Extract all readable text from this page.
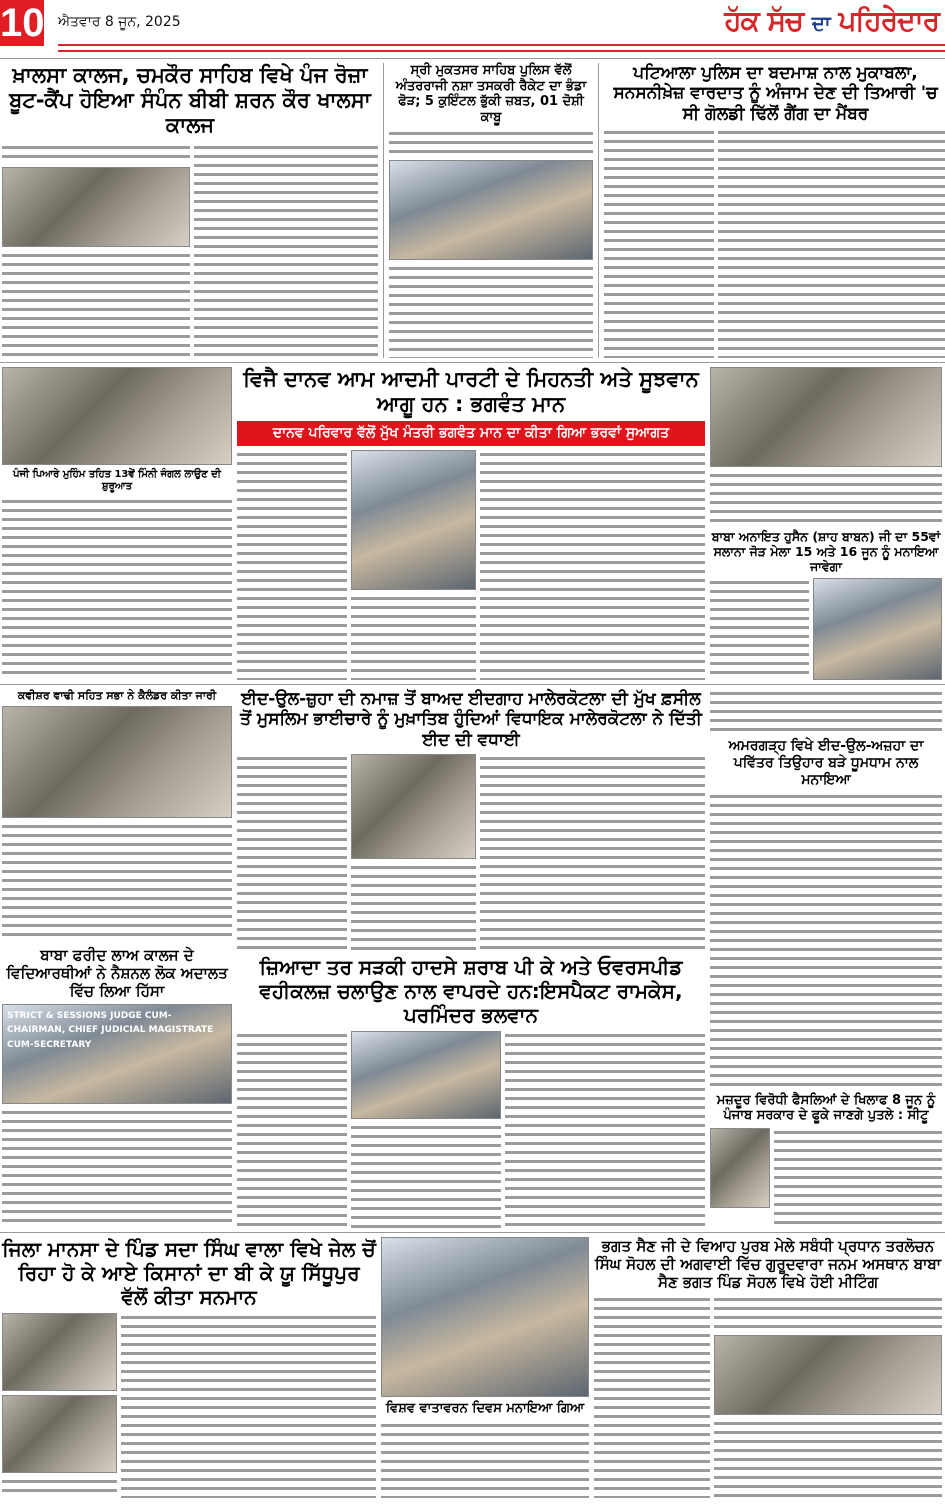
10 ਐਤਵਾਰ 8 ਜੂਨ, 2025	ਹੱਕ ਸੱਚ ਦਾ ਪਹਿਰੇਦਾਰ
ਖ਼ਾਲਸਾ ਕਾਲਜ, ਚਮਕੌਰ ਸਾਹਿਬ ਵਿਖੇ ਪੰਜ ਰੋਜ਼ਾ ਬੂਟ-ਕੈਂਪ ਹੋਇਆ ਸੰਪੰਨ ਬੀਬੀ ਸ਼ਰਨ ਕੌਰ ਖਾਲਸਾ ਕਾਲਜ
ਸ੍ਰੀ ਮੁਕਤਸਰ ਸਾਹਿਬ ਪੁਲਿਸ ਵੱਲੋਂ ਅੰਤਰਰਾਜੀ ਨਸ਼ਾ ਤਸਕਰੀ ਰੈਕੇਟ ਦਾ ਭੰਡਾ ਫੋੜ; 5 ਕੁਇੰਟਲ ਭੁੱਕੀ ਜ਼ਬਤ, 01 ਦੋਸ਼ੀ ਕਾਬੂ
ਪਟਿਆਲਾ ਪੁਲਿਸ ਦਾ ਬਦਮਾਸ਼ ਨਾਲ ਮੁਕਾਬਲਾ, ਸਨਸਨੀਖ਼ੇਜ਼ ਵਾਰਦਾਤ ਨੂੰ ਅੰਜਾਮ ਦੇਣ ਦੀ ਤਿਆਰੀ 'ਚ ਸੀ ਗੋਲਡੀ ਢਿੱਲੋਂ ਗੈਂਗ ਦਾ ਮੈਂਬਰ
ਪੰਜੀ ਪਿਆਰੇ ਮੁਹਿੰਮ ਤਹਿਤ 13ਵੇਂ ਮਿੰਨੀ ਜੰਗਲ ਲਾਉਣ ਦੀ ਸ਼ੁਰੂਆਤ
ਵਿਜੈ ਦਾਨਵ ਆਮ ਆਦਮੀ ਪਾਰਟੀ ਦੇ ਮਿਹਨਤੀ ਅਤੇ ਸੂਝਵਾਨ ਆਗੂ ਹਨ : ਭਗਵੰਤ ਮਾਨ
ਦਾਨਵ ਪਰਿਵਾਰ ਵੱਲੋਂ ਮੁੱਖ ਮੰਤਰੀ ਭਗਵੰਤ ਮਾਨ ਦਾ ਕੀਤਾ ਗਿਆ ਭਰਵਾਂ ਸੁਆਗਤ
ਬਾਬਾ ਅਨਾਇਤ ਹੁਸੈਨ (ਸ਼ਾਹ ਬਾਬਨ) ਜੀ ਦਾ 55ਵਾਂ ਸਲਾਨਾ ਜੋੜ ਮੇਲਾ 15 ਅਤੇ 16 ਜੂਨ ਨੂੰ ਮਨਾਇਆ ਜਾਵੇਗਾ
ਕਵੀਸ਼ਰ ਵਾਢੀ ਸਹਿਤ ਸਭਾ ਨੇ ਕੈਲੰਡਰ ਕੀਤਾ ਜਾਰੀ
ਬਾਬਾ ਫਰੀਦ ਲਾਅ ਕਾਲਜ ਦੇ ਵਿਦਿਆਰਥੀਆਂ ਨੇ ਨੈਸ਼ਨਲ ਲੋਕ ਅਦਾਲਤ ਵਿੱਚ ਲਿਆ ਹਿੱਸਾ
STRICT & SESSIONS JUDGE CUM-CHAIRMAN, CHIEF JUDICIAL MAGISTRATE CUM-SECRETARY
ਈਦ-ਉਲ-ਜ਼ੁਹਾ ਦੀ ਨਮਾਜ਼ ਤੋਂ ਬਾਅਦ ਈਦਗਾਹ ਮਾਲੇਰਕੋਟਲਾ ਦੀ ਮੁੱਖ ਫ਼ਸੀਲ ਤੋਂ ਮੁਸਲਿਮ ਭਾਈਚਾਰੇ ਨੂੰ ਮੁਖ਼ਾਤਿਬ ਹੁੰਦਿਆਂ ਵਿਧਾਇਕ ਮਾਲੇਰਕੋਟਲਾ ਨੇ ਦਿੱਤੀ ਈਦ ਦੀ ਵਧਾਈ
ਜ਼ਿਆਦਾ ਤਰ ਸੜਕੀ ਹਾਦਸੇ ਸ਼ਰਾਬ ਪੀ ਕੇ ਅਤੇ ਓਵਰਸਪੀਡ ਵਹੀਕਲਜ਼ ਚਲਾਉਣ ਨਾਲ ਵਾਪਰਦੇ ਹਨ:ਇਸਪੈਕਟ ਰਾਮਕੇਸ, ਪਰਮਿੰਦਰ ਭਲਵਾਨ
ਅਮਰਗੜ੍ਹ ਵਿਖੇ ਈਦ-ਉਲ-ਅਜ਼ਹਾ ਦਾ ਪਵਿੱਤਰ ਤਿਉਹਾਰ ਬੜੇ ਧੂਮਧਾਮ ਨਾਲ ਮਨਾਇਆ
ਮਜ਼ਦੂਰ ਵਿਰੋਧੀ ਫੈਸਲਿਆਂ ਦੇ ਖਿਲਾਫ 8 ਜੂਨ ਨੂੰ ਪੰਜਾਬ ਸਰਕਾਰ ਦੇ ਫੂਕੇ ਜਾਣਗੇ ਪੁਤਲੇ : ਸੀਟੂ
ਜਿਲਾ ਮਾਨਸਾ ਦੇ ਪਿੰਡ ਸਦਾ ਸਿੰਘ ਵਾਲਾ ਵਿਖੇ ਜੇਲ ਚੋਂ ਰਿਹਾ ਹੋ ਕੇ ਆਏ ਕਿਸਾਨਾਂ ਦਾ ਬੀ ਕੇ ਯੂ ਸਿੱਧੂਪੁਰ ਵੱਲੋਂ ਕੀਤਾ ਸਨਮਾਨ
ਵਿਸ਼ਵ ਵਾਤਾਵਰਨ ਦਿਵਸ ਮਨਾਇਆ ਗਿਆ
ਭਗਤ ਸੈਣ ਜੀ ਦੇ ਵਿਆਹ ਪੁਰਬ ਮੇਲੇ ਸਬੰਧੀ ਪ੍ਰਧਾਨ ਤਰਲੋਚਨ ਸਿੰਘ ਸੋਹਲ ਦੀ ਅਗਵਾਈ ਵਿੱਚ ਗੁਰੂਦਵਾਰਾ ਜਨਮ ਅਸਥਾਨ ਬਾਬਾ ਸੈਣ ਭਗਤ ਪਿੰਡ ਸੋਹਲ ਵਿਖੇ ਹੋਈ ਮੀਟਿੰਗ
